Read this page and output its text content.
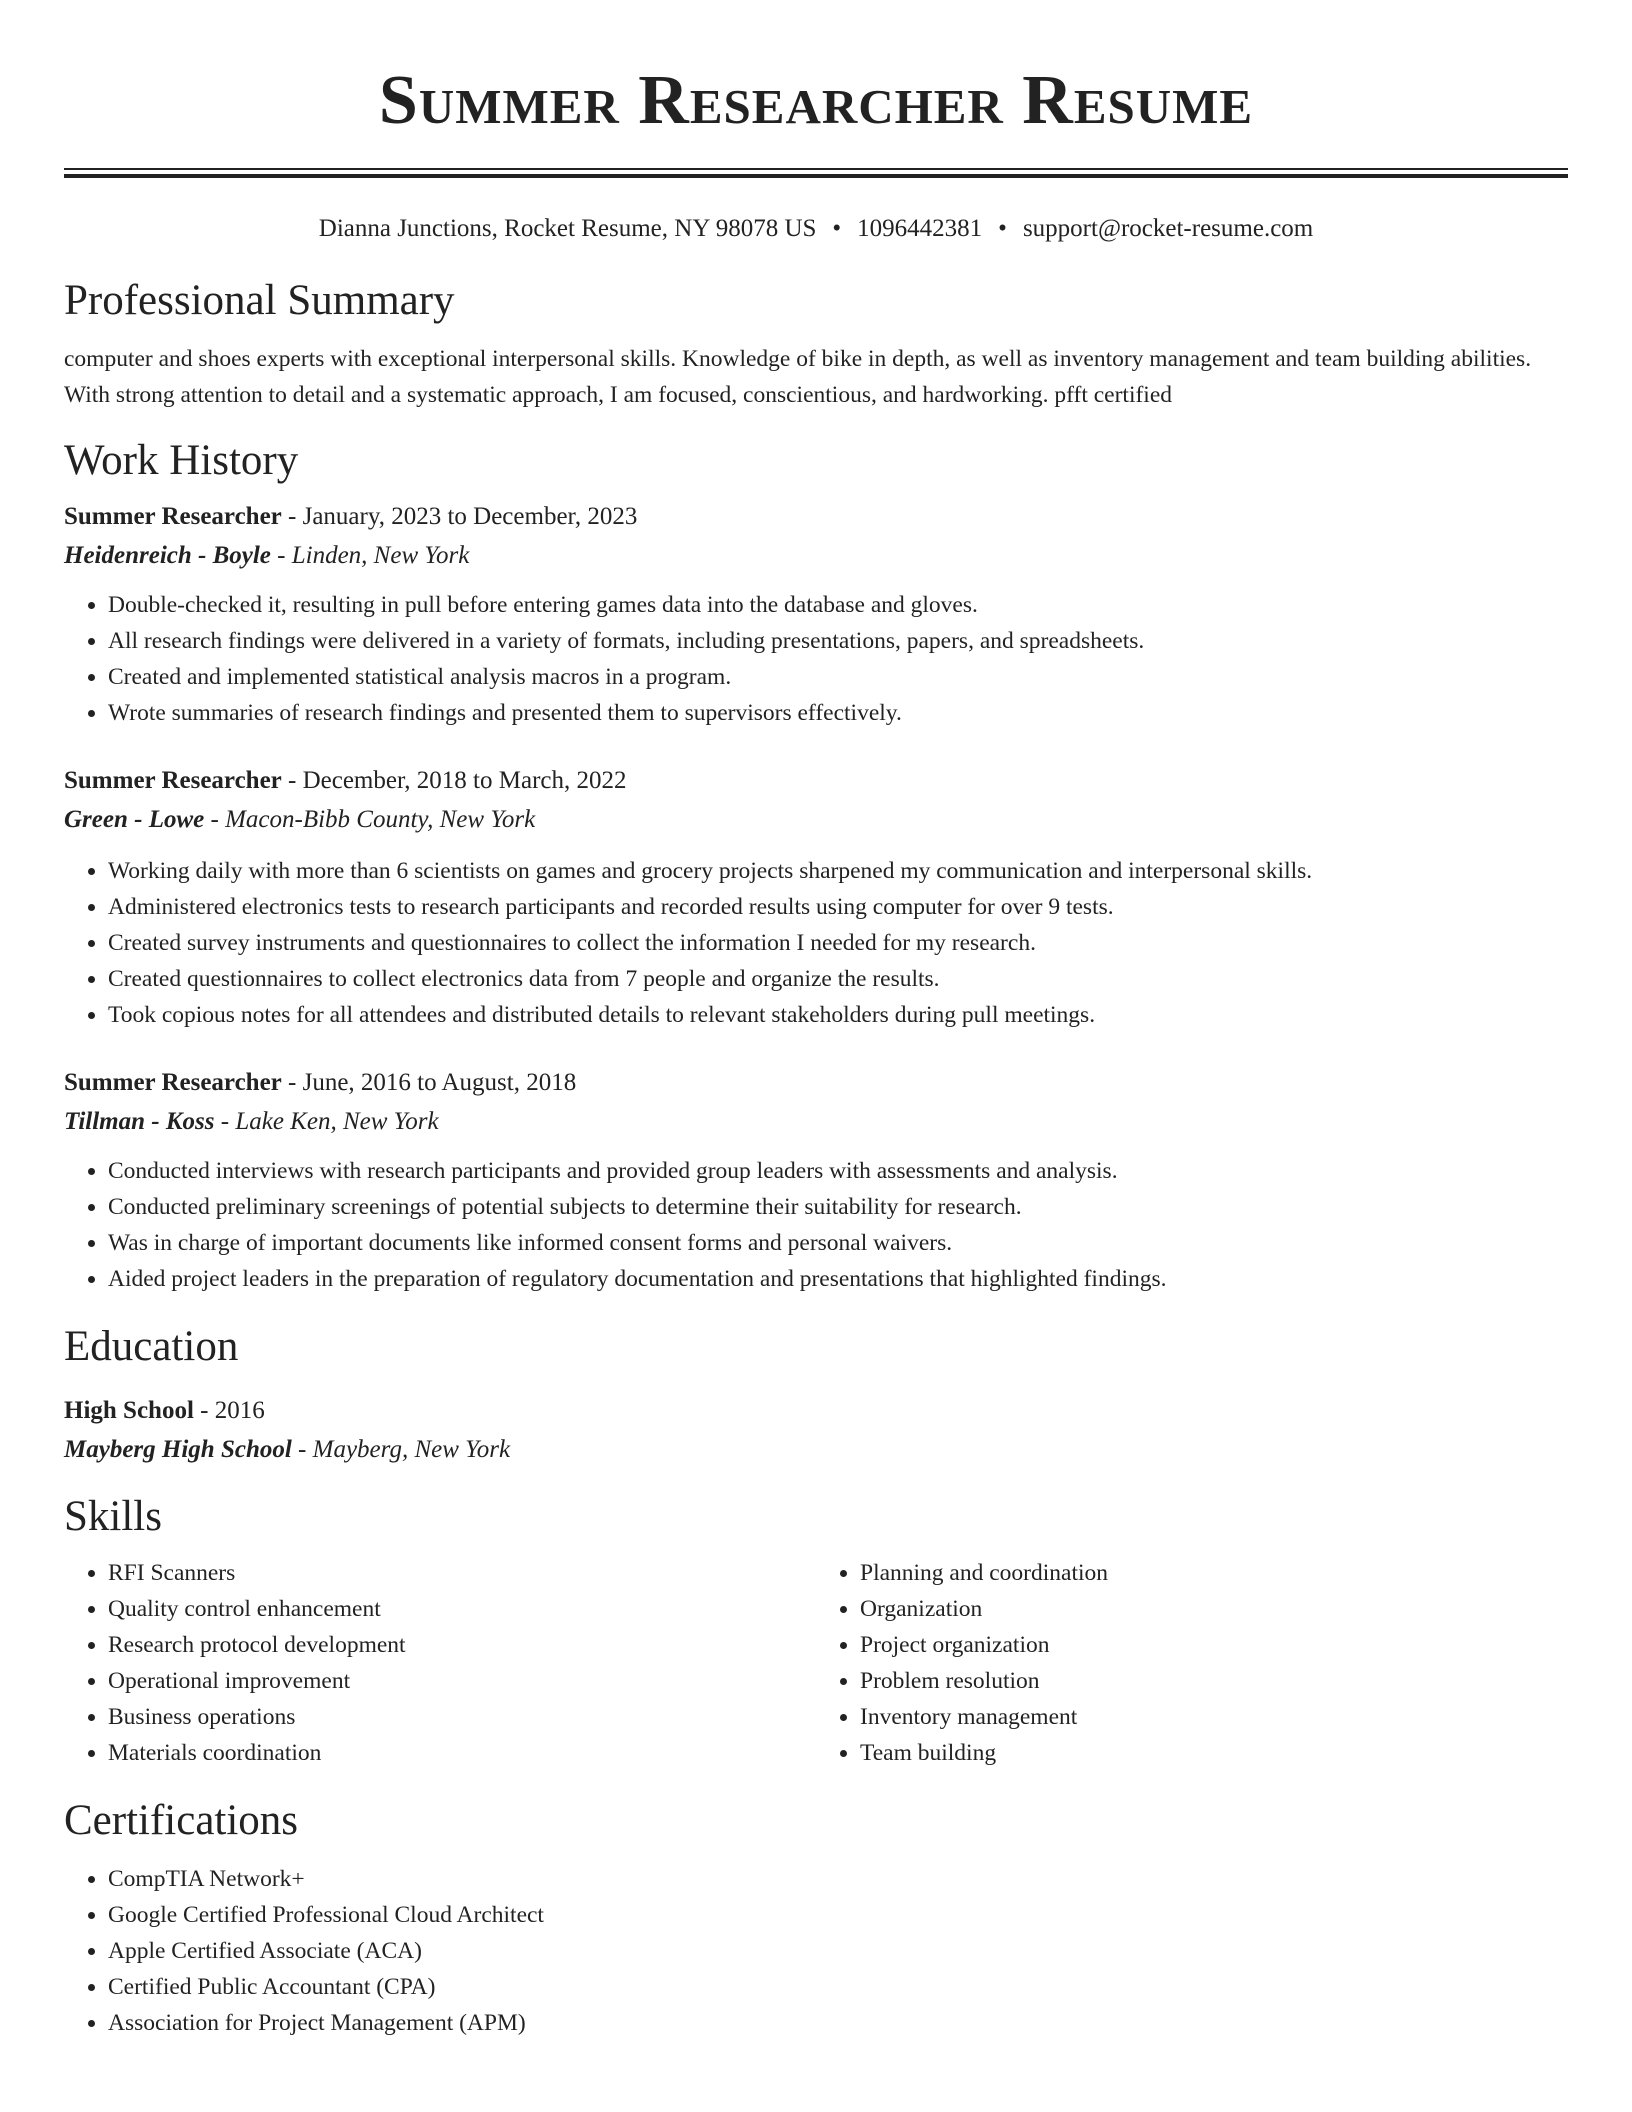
Summer Researcher Resume
Dianna Junctions, Rocket Resume, NY 98078 US • 1096442381 • support@rocket-resume.com
Professional Summary

computer and shoes experts with exceptional interpersonal skills. Knowledge of bike in depth, as well as inventory management and team building abilities. With strong attention to detail and a systematic approach, I am focused, conscientious, and hardworking. pfft certified

Work History
Summer Researcher - January, 2023 to December, 2023
Heidenreich - Boyle - Linden, New York
• Double-checked it, resulting in pull before entering games data into the database and gloves.
• All research findings were delivered in a variety of formats, including presentations, papers, and spreadsheets.
• Created and implemented statistical analysis macros in a program.
• Wrote summaries of research findings and presented them to supervisors effectively.
Summer Researcher - December, 2018 to March, 2022
Green - Lowe - Macon-Bibb County, New York
• Working daily with more than 6 scientists on games and grocery projects sharpened my communication and interpersonal skills.
• Administered electronics tests to research participants and recorded results using computer for over 9 tests.
• Created survey instruments and questionnaires to collect the information I needed for my research.
• Created questionnaires to collect electronics data from 7 people and organize the results.
• Took copious notes for all attendees and distributed details to relevant stakeholders during pull meetings.
Summer Researcher - June, 2016 to August, 2018
Tillman - Koss - Lake Ken, New York
• Conducted interviews with research participants and provided group leaders with assessments and analysis.
• Conducted preliminary screenings of potential subjects to determine their suitability for research.
• Was in charge of important documents like informed consent forms and personal waivers.
• Aided project leaders in the preparation of regulatory documentation and presentations that highlighted findings.
Education
High School - 2016
Mayberg High School - Mayberg, New York
Skills
• RFI Scanners
• Quality control enhancement
• Research protocol development
• Operational improvement
• Business operations
• Materials coordination
• Planning and coordination
• Organization
• Project organization
• Problem resolution
• Inventory management
• Team building
Certifications
• CompTIA Network+
• Google Certified Professional Cloud Architect
• Apple Certified Associate (ACA)
• Certified Public Accountant (CPA)
• Association for Project Management (APM)
